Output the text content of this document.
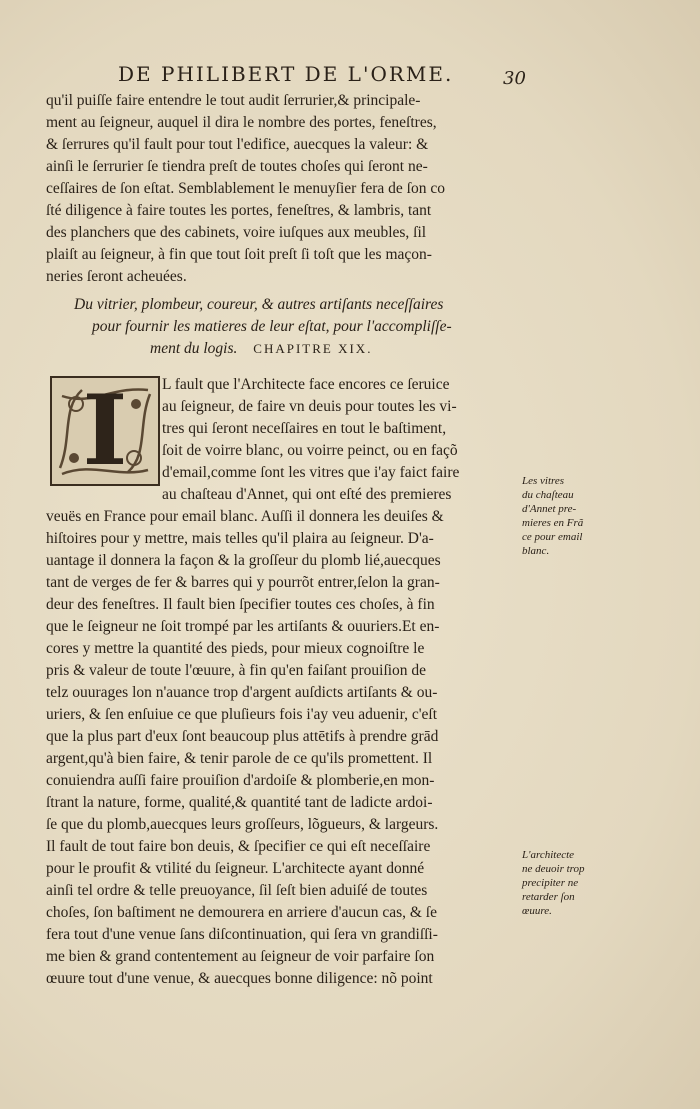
DE PHILIBERT DE L'ORME.	30
qu'il puiſſe faire entendre le tout audit ſerrurier,& principale-
ment au ſeigneur, auquel il dira le nombre des portes, feneſtres,
& ſerrures qu'il fault pour tout l'edifice, auecques la valeur: &
ainſi le ſerrurier ſe tiendra preſt de toutes choſes qui ſeront ne-
ceſſaires de ſon eſtat. Semblablement le menuyſier fera de ſon co
ſté diligence à faire toutes les portes, feneſtres, & lambris, tant
des planchers que des cabinets, voire iuſques aux meubles, ſil
plaiſt au ſeigneur, à fin que tout ſoit preſt ſi toſt que les maçon-
neries ſeront acheuées.
Du vitrier, plombeur, coureur, & autres artiſants neceſſaires
pour fournir les matieres de leur eſtat, pour l'accompliſſe-
ment du logis. CHAPITRE XIX.
I	L fault que l'Architecte face encores ce ſeruice
au ſeigneur, de faire vn deuis pour toutes les vi-
tres qui ſeront neceſſaires en tout le baſtiment,
ſoit de voirre blanc, ou voirre peinct, ou en façõ
d'email,comme ſont les vitres que i'ay faict faire
au chaſteau d'Annet, qui ont eſté des premieres
veuës en France pour email blanc. Auſſi il donnera les deuiſes &
hiſtoires pour y mettre, mais telles qu'il plaira au ſeigneur. D'a-
uantage il donnera la façon & la groſſeur du plomb lié,auecques
tant de verges de fer & barres qui y pourrõt entrer,ſelon la gran-
deur des feneſtres. Il fault bien ſpecifier toutes ces choſes, à fin
que le ſeigneur ne ſoit trompé par les artiſants & ouuriers.Et en-
cores y mettre la quantité des pieds, pour mieux cognoiſtre le
pris & valeur de toute l'œuure, à fin qu'en faiſant prouiſion de
telz ouurages lon n'auance trop d'argent auſdicts artiſants & ou-
uriers, & ſen enſuiue ce que pluſieurs fois i'ay veu aduenir, c'eſt
que la plus part d'eux ſont beaucoup plus attētifs à prendre grād
argent,qu'à bien faire, & tenir parole de ce qu'ils promettent. Il
conuiendra auſſi faire prouiſion d'ardoiſe & plomberie,en mon-
ſtrant la nature, forme, qualité,& quantité tant de ladicte ardoi-
ſe que du plomb,auecques leurs groſſeurs, lõgueurs, & largeurs.
Il fault de tout faire bon deuis, & ſpecifier ce qui eſt neceſſaire
pour le proufit & vtilité du ſeigneur. L'architecte ayant donné
ainſi tel ordre & telle preuoyance, ſil ſeſt bien aduiſé de toutes
choſes, ſon baſtiment ne demourera en arriere d'aucun cas, & ſe
fera tout d'une venue ſans diſcontinuation, qui ſera vn grandiſſi-
me bien & grand contentement au ſeigneur de voir parfaire ſon
œuure tout d'une venue, & auecques bonne diligence: nõ point
Les vitres
du chaſteau
d'Annet pre-
mieres en Frã
ce pour email
blanc.
L'architecte
ne deuoir trop
precipiter ne
retarder ſon
œuure.
